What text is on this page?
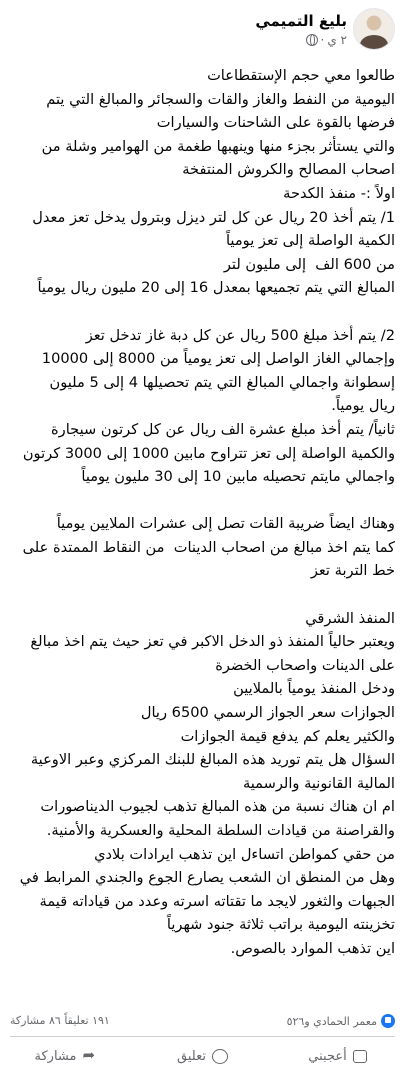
بليغ التميمي
٢ ي
·
طالعوا معي حجم الإستقطاعات
اليومية من النفط والغاز والقات والسجائر والمبالغ التي يتم
فرضها بالقوة على الشاحنات والسيارات
والتي يستأثر بجزء منها وينهبها طغمة من الهوامير وشلة من
اصحاب المصالح والكروش المنتفخة
اولاً :- منفذ الكدحة
1/ يتم أخذ 20 ريال عن كل لتر ديزل وبترول يدخل تعز معدل
الكمية الواصلة إلى تعز يومياً
من 600 الف  إلى مليون لتر
المبالغ التي يتم تجميعها بمعدل 16 إلى 20 مليون ريال يومياً

2/ يتم أخذ مبلغ 500 ريال عن كل دبة غاز تدخل تعز
وإجمالي الغاز الواصل إلى تعز يومياً من 8000 إلى 10000
إسطوانة واجمالي المبالغ التي يتم تحصيلها 4 إلى 5 مليون
ريال يومياً.
ثانياً/ يتم أخذ مبلغ عشرة الف ريال عن كل كرتون سيجارة
والكمية الواصلة إلى تعز تتراوح مابين 1000 إلى 3000 كرتون
واجمالي مايتم تحصيله مابين 10 إلى 30 مليون يومياً

وهناك ايضاً ضريبة القات تصل إلى عشرات الملايين يومياً
كما يتم اخذ مبالغ من اصحاب الدينات  من النقاط الممتدة على
خط التربة تعز

المنفذ الشرقي
ويعتبر حالياً المنفذ ذو الدخل الاكبر في تعز حيث يتم اخذ مبالغ
على الدينات واصحاب الخضرة
ودخل المنفذ يومياً بالملايين
الجوازات سعر الجواز الرسمي 6500 ريال
والكثير يعلم كم يدفع قيمة الجوازات
السؤال هل يتم توريد هذه المبالغ للبنك المركزي وعبر الاوعية
المالية القانونية والرسمية
ام ان هناك نسبة من هذه المبالغ تذهب لجيوب الديناصورات
والقراصنة من قيادات السلطة المحلية والعسكرية والأمنية.
من حقي كمواطن اتساءل اين تذهب ايرادات بلادي
وهل من المنطق ان الشعب يصارع الجوع والجندي المرابط في
الجبهات والثغور لايجد ما تقتاته اسرته وعدد من قياداته قيمة
تخزينته اليومية براتب ثلاثة جنود شهرياً
اين تذهب الموارد بالصوص.
معمر الحمادي و٥٢٦
١٩١ تعليقاً ٨٦ مشاركة
أعجبني
تعليق
➦
مشاركة
